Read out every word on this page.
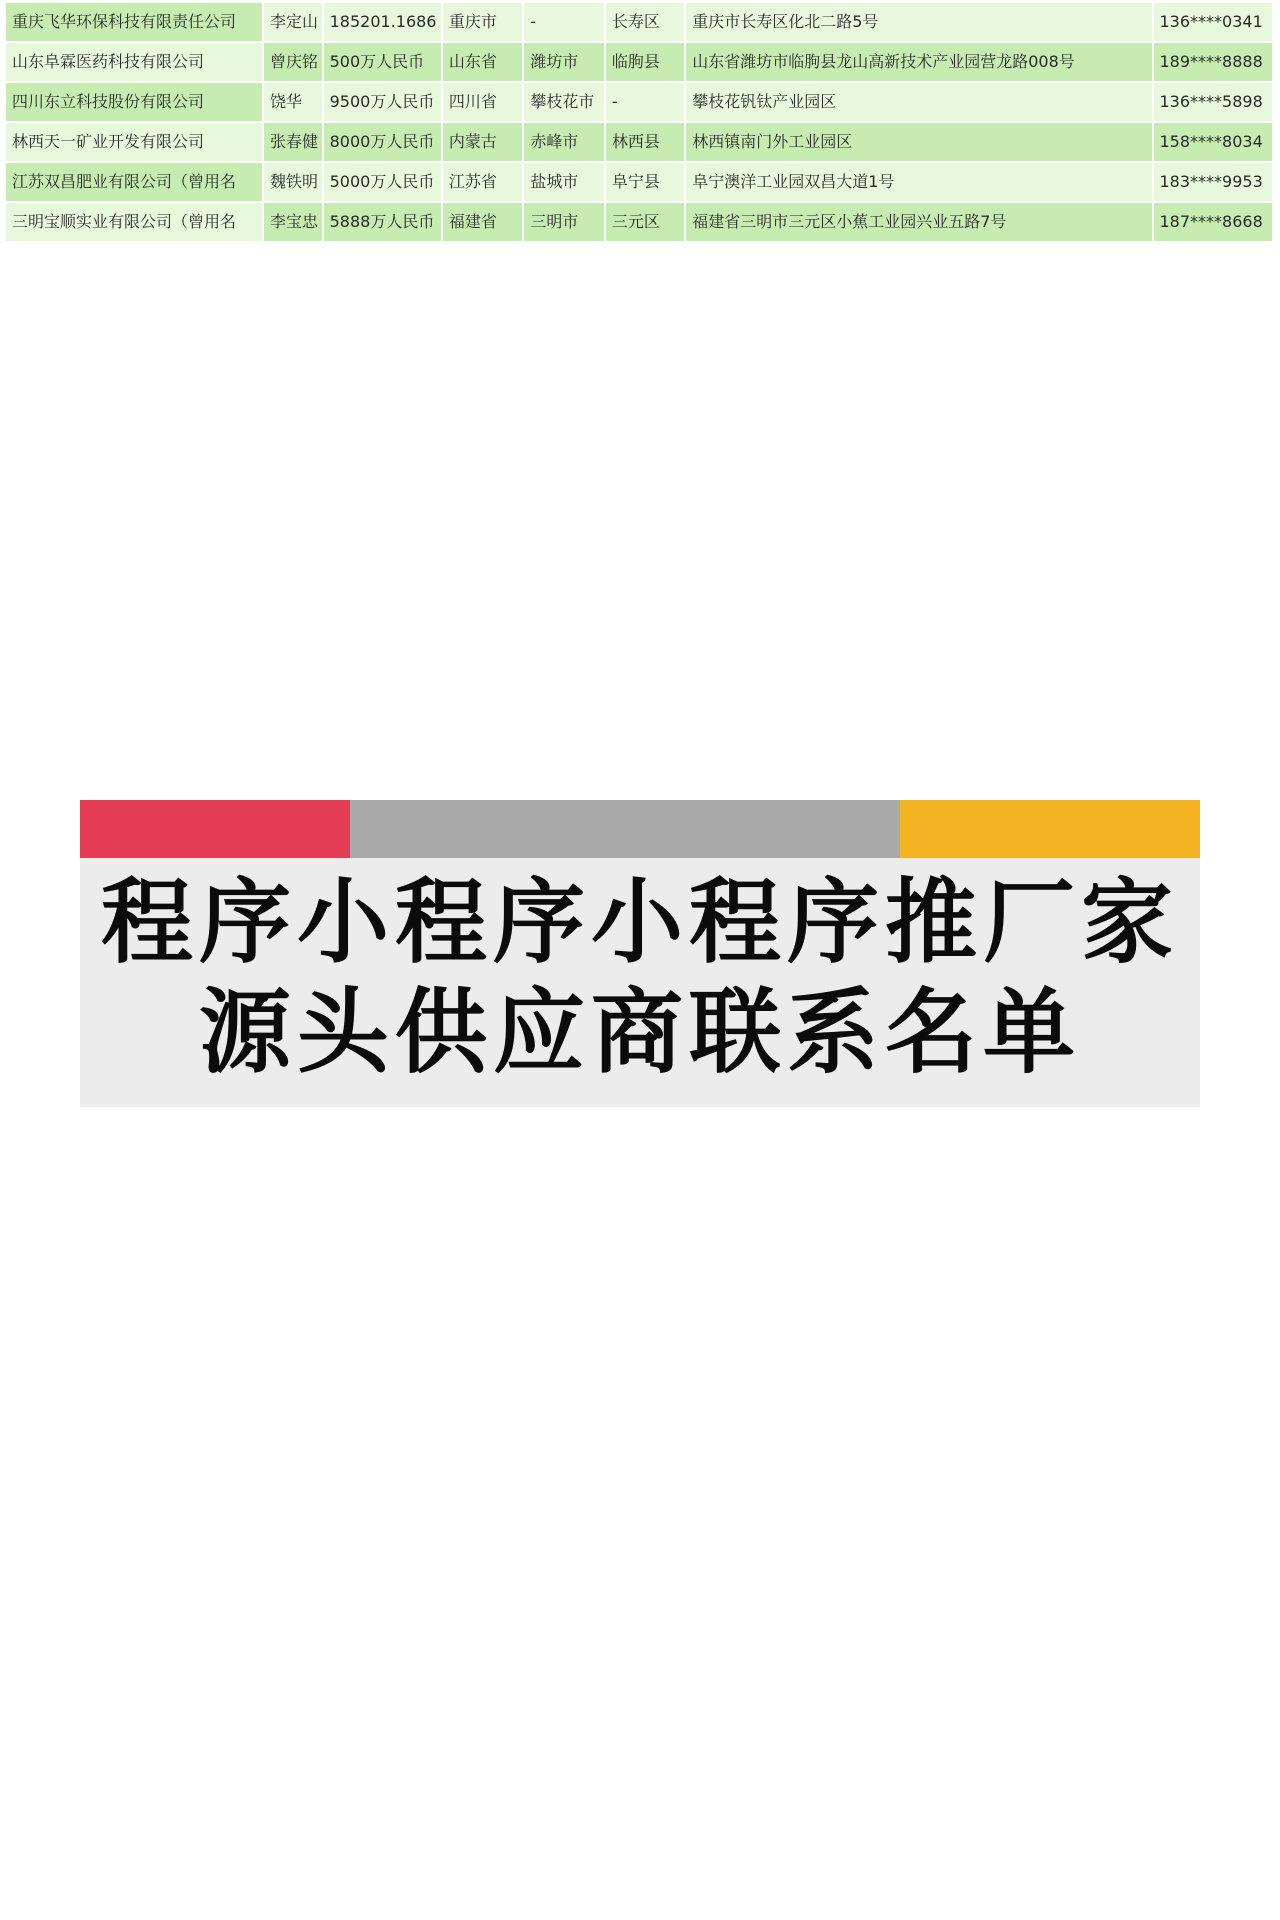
重庆飞华环保科技有限责任公司	李定山	185201.1686	重庆市	-	长寿区	重庆市长寿区化北二路5号	136****0341
山东阜霖医药科技有限公司	曾庆铭	500万人民币	山东省	潍坊市	临朐县	山东省潍坊市临朐县龙山高新技术产业园营龙路008号	189****8888
四川东立科技股份有限公司	饶华	9500万人民币	四川省	攀枝花市	-	攀枝花钒钛产业园区	136****5898
林西天一矿业开发有限公司	张春健	8000万人民币	内蒙古	赤峰市	林西县	林西镇南门外工业园区	158****8034
江苏双昌肥业有限公司（曾用名	魏铁明	5000万人民币	江苏省	盐城市	阜宁县	阜宁澳洋工业园双昌大道1号	183****9953
三明宝顺实业有限公司（曾用名	李宝忠	5888万人民币	福建省	三明市	三元区	福建省三明市三元区小蕉工业园兴业五路7号	187****8668
程序小程序小程序推厂家
源头供应商联系名单
